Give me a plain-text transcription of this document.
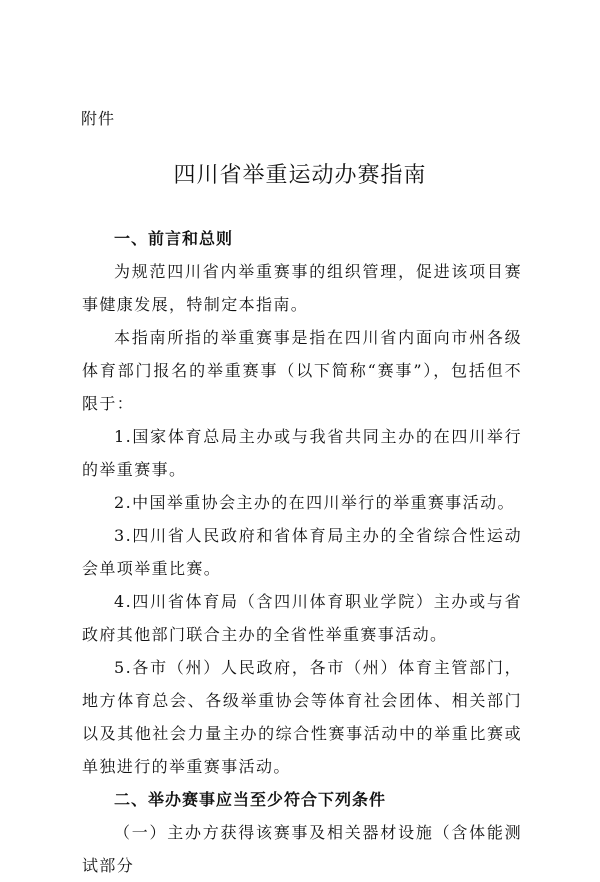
附件
四川省举重运动办赛指南

一、前言和总则

为规范四川省内举重赛事的组织管理，促进该项目赛事健康发展，特制定本指南。

本指南所指的举重赛事是指在四川省内面向市州各级体育部门报名的举重赛事（以下简称“赛事”），包括但不限于：

1.国家体育总局主办或与我省共同主办的在四川举行的举重赛事。

2.中国举重协会主办的在四川举行的举重赛事活动。

3.四川省人民政府和省体育局主办的全省综合性运动会单项举重比赛。

4.四川省体育局（含四川体育职业学院）主办或与省政府其他部门联合主办的全省性举重赛事活动。

5.各市（州）人民政府，各市（州）体育主管部门，地方体育总会、各级举重协会等体育社会团体、相关部门以及其他社会力量主办的综合性赛事活动中的举重比赛或单独进行的举重赛事活动。

二、举办赛事应当至少符合下列条件

（一）主办方获得该赛事及相关器材设施（含体能测试部分
